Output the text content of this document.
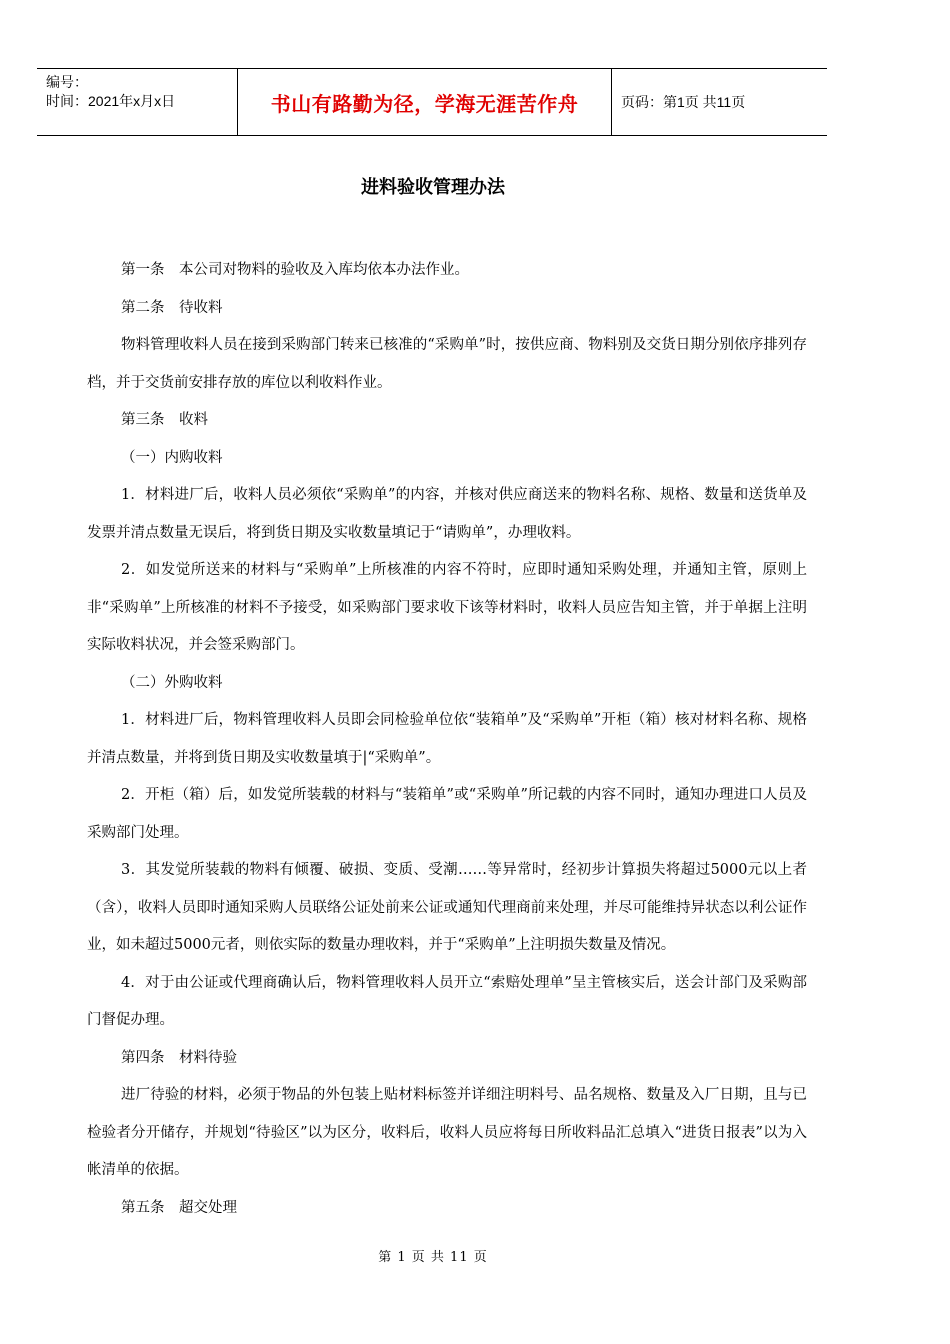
编号：
时间：2021年x月x日	书山有路勤为径，学海无涯苦作舟	页码：第1页 共11页
进料验收管理办法

第一条　本公司对物料的验收及入库均依本办法作业。

第二条　待收料

物料管理收料人员在接到采购部门转来已核准的“采购单”时，按供应商、物料别及交货日期分别依序排列存档，并于交货前安排存放的库位以利收料作业。

第三条　收料

（一）内购收料

1．材料进厂后，收料人员必须依“采购单”的内容，并核对供应商送来的物料名称、规格、数量和送货单及发票并清点数量无误后，将到货日期及实收数量填记于“请购单”，办理收料。

2．如发觉所送来的材料与“采购单”上所核准的内容不符时，应即时通知采购处理，并通知主管，原则上非“采购单”上所核准的材料不予接受，如采购部门要求收下该等材料时，收料人员应告知主管，并于单据上注明实际收料状况，并会签采购部门。

（二）外购收料

1．材料进厂后，物料管理收料人员即会同检验单位依“装箱单”及“采购单”开柜（箱）核对材料名称、规格并清点数量，并将到货日期及实收数量填于|“采购单”。

2．开柜（箱）后，如发觉所装载的材料与“装箱单”或“采购单”所记载的内容不同时，通知办理进口人员及采购部门处理。

3．其发觉所装载的物料有倾覆、破损、变质、受潮……等异常时，经初步计算损失将超过5000元以上者（含），收料人员即时通知采购人员联络公证处前来公证或通知代理商前来处理，并尽可能维持异状态以利公证作业，如未超过5000元者，则依实际的数量办理收料，并于“采购单”上注明损失数量及情况。

4．对于由公证或代理商确认后，物料管理收料人员开立“索赔处理单”呈主管核实后，送会计部门及采购部门督促办理。

第四条　材料待验

进厂待验的材料，必须于物品的外包装上贴材料标签并详细注明料号、品名规格、数量及入厂日期，且与已检验者分开储存，并规划“待验区”以为区分，收料后，收料人员应将每日所收料品汇总填入“进货日报表”以为入帐清单的依据。

第五条　超交处理

第 1 页 共 11 页
